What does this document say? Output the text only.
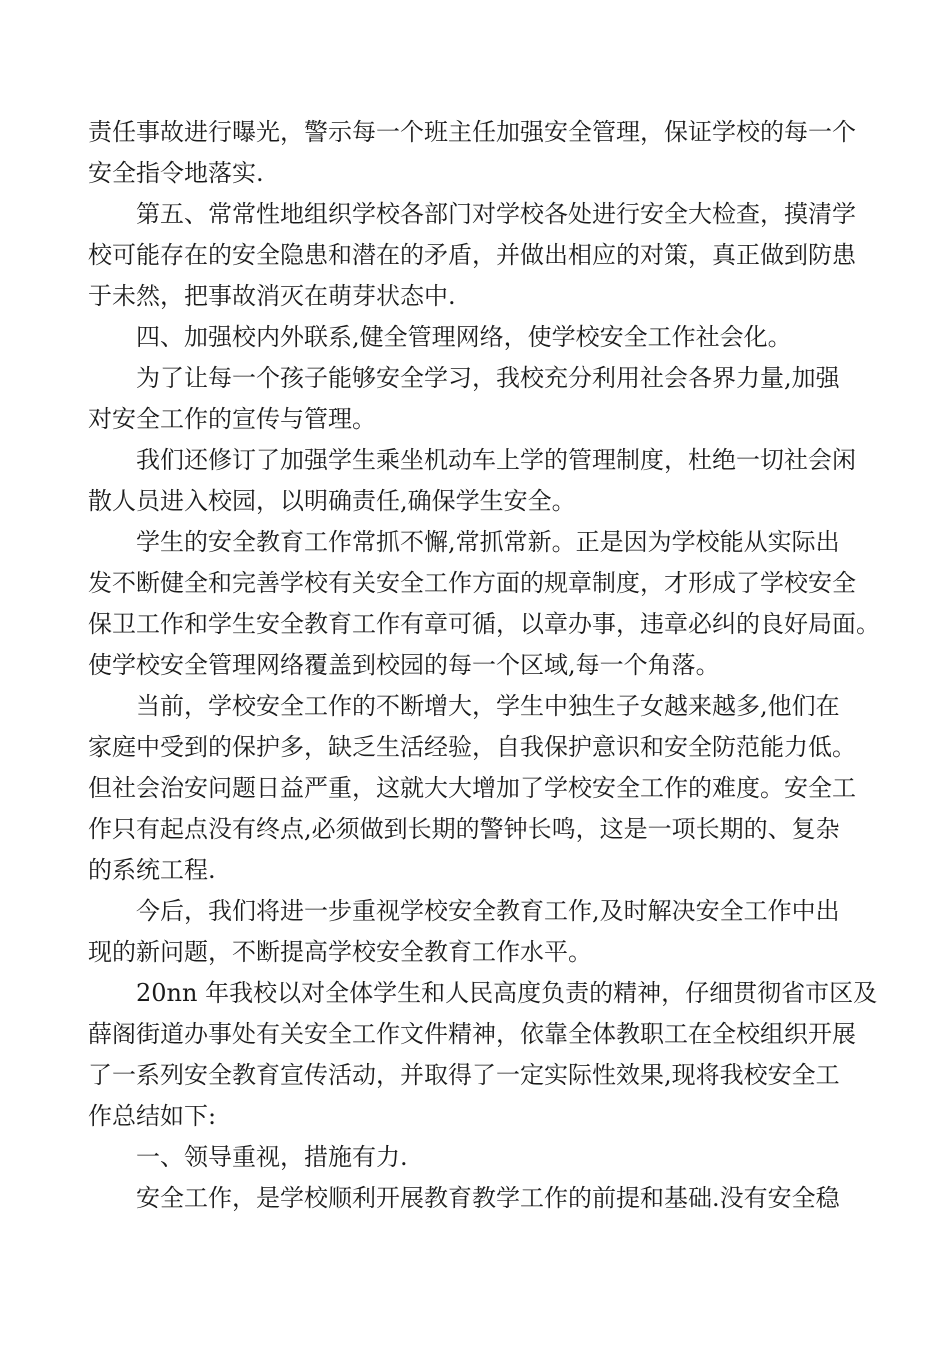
责任事故进行曝光，警示每一个班主任加强安全管理，保证学校的每一个
安全指令地落实.
第五、常常性地组织学校各部门对学校各处进行安全大检查，摸清学
校可能存在的安全隐患和潜在的矛盾，并做出相应的对策，真正做到防患
于未然，把事故消灭在萌芽状态中.
四、加强校内外联系,健全管理网络，使学校安全工作社会化。
为了让每一个孩子能够安全学习，我校充分利用社会各界力量,加强
对安全工作的宣传与管理。
我们还修订了加强学生乘坐机动车上学的管理制度，杜绝一切社会闲
散人员进入校园，以明确责任,确保学生安全。
学生的安全教育工作常抓不懈,常抓常新。正是因为学校能从实际出
发不断健全和完善学校有关安全工作方面的规章制度，才形成了学校安全
保卫工作和学生安全教育工作有章可循，以章办事，违章必纠的良好局面。
使学校安全管理网络覆盖到校园的每一个区域,每一个角落。
当前，学校安全工作的不断增大，学生中独生子女越来越多,他们在
家庭中受到的保护多，缺乏生活经验，自我保护意识和安全防范能力低。
但社会治安问题日益严重，这就大大增加了学校安全工作的难度。安全工
作只有起点没有终点,必须做到长期的警钟长鸣，这是一项长期的、复杂
的系统工程.
今后，我们将进一步重视学校安全教育工作,及时解决安全工作中出
现的新问题，不断提高学校安全教育工作水平。
20nn 年我校以对全体学生和人民高度负责的精神，仔细贯彻省市区及
薛阁街道办事处有关安全工作文件精神，依靠全体教职工在全校组织开展
了一系列安全教育宣传活动，并取得了一定实际性效果,现将我校安全工
作总结如下:
一、领导重视，措施有力.
安全工作，是学校顺利开展教育教学工作的前提和基础.没有安全稳
